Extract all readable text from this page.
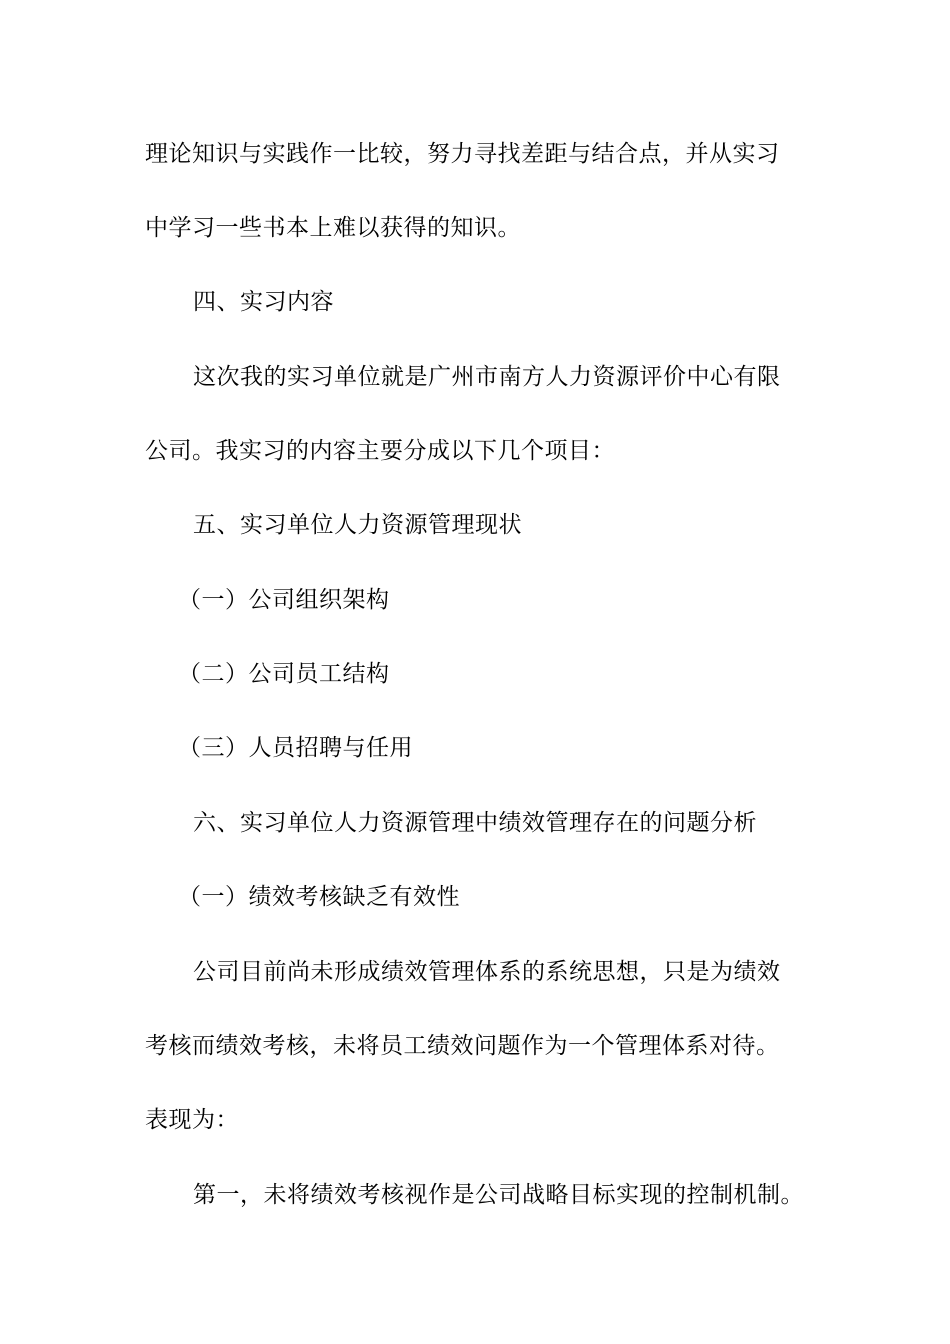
理论知识与实践作一比较，努力寻找差距与结合点，并从实习
中学习一些书本上难以获得的知识。
四、实习内容
这次我的实习单位就是广州市南方人力资源评价中心有限
公司。我实习的内容主要分成以下几个项目：
五、实习单位人力资源管理现状
（一）公司组织架构
（二）公司员工结构
（三）人员招聘与任用
六、实习单位人力资源管理中绩效管理存在的问题分析
（一）绩效考核缺乏有效性
公司目前尚未形成绩效管理体系的系统思想，只是为绩效
考核而绩效考核，未将员工绩效问题作为一个管理体系对待。
表现为：
第一，未将绩效考核视作是公司战略目标实现的控制机制。
